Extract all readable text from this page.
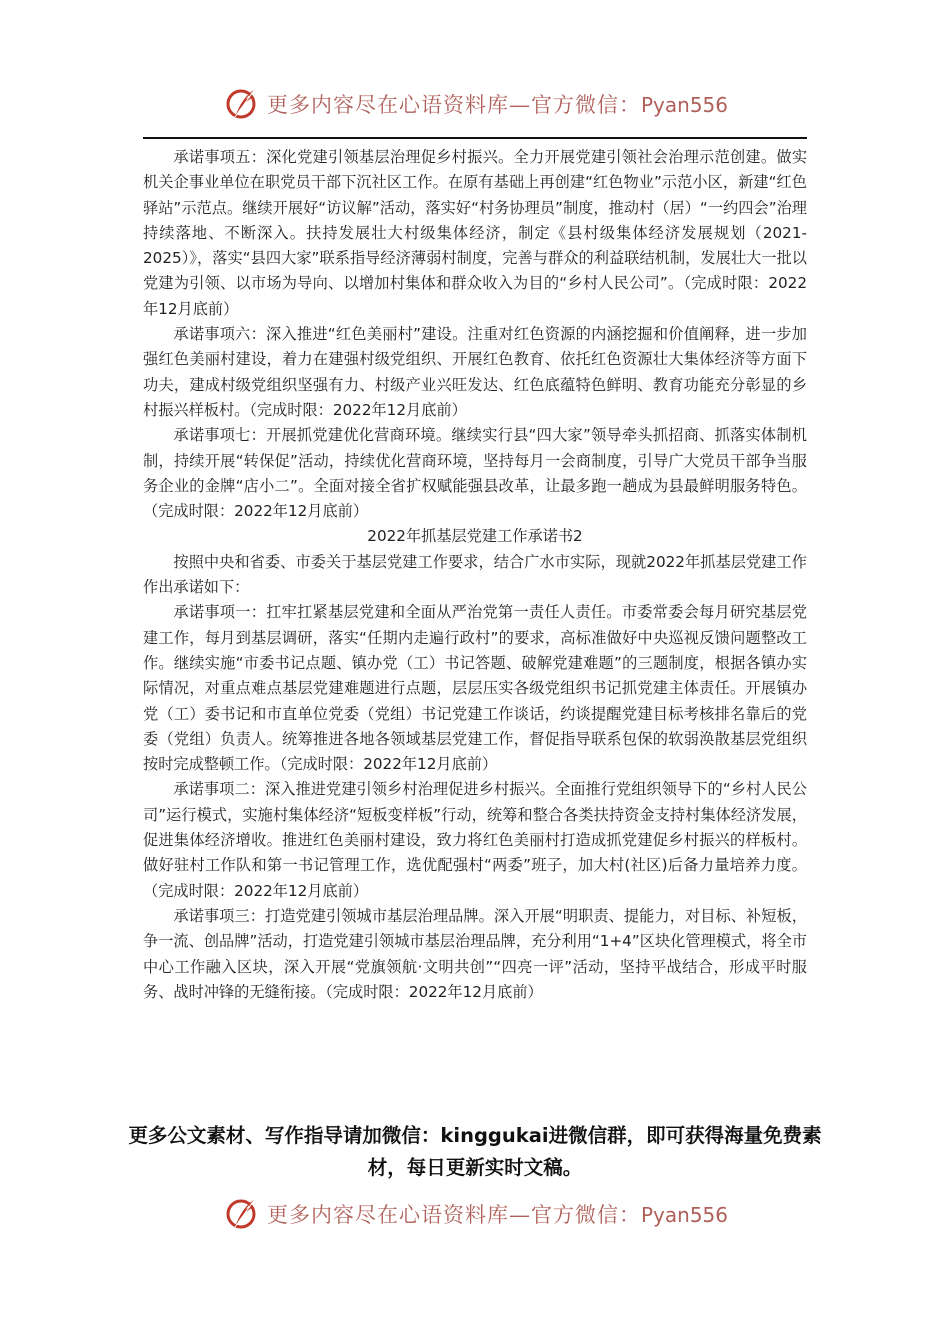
更多内容尽在心语资料库—官方微信：Pyan556

承诺事项五：深化党建引领基层治理促乡村振兴。全力开展党建引领社会治理示范创建。做实机关企事业单位在职党员干部下沉社区工作。在原有基础上再创建“红色物业”示范小区，新建“红色驿站”示范点。继续开展好“访议解”活动，落实好“村务协理员”制度，推动村（居）“一约四会”治理持续落地、不断深入。扶持发展壮大村级集体经济，制定《县村级集体经济发展规划（2021-2025）》，落实“县四大家”联系指导经济薄弱村制度，完善与群众的利益联结机制，发展壮大一批以党建为引领、以市场为导向、以增加村集体和群众收入为目的“乡村人民公司”。（完成时限：2022年12月底前）

承诺事项六：深入推进“红色美丽村”建设。注重对红色资源的内涵挖掘和价值阐释，进一步加强红色美丽村建设，着力在建强村级党组织、开展红色教育、依托红色资源壮大集体经济等方面下功夫，建成村级党组织坚强有力、村级产业兴旺发达、红色底蕴特色鲜明、教育功能充分彰显的乡村振兴样板村。（完成时限：2022年12月底前）

承诺事项七：开展抓党建优化营商环境。继续实行县“四大家”领导牵头抓招商、抓落实体制机制，持续开展“转保促”活动，持续优化营商环境，坚持每月一会商制度，引导广大党员干部争当服务企业的金牌“店小二”。全面对接全省扩权赋能强县改革，让最多跑一趟成为县最鲜明服务特色。（完成时限：2022年12月底前）

2022年抓基层党建工作承诺书2

按照中央和省委、市委关于基层党建工作要求，结合广水市实际，现就2022年抓基层党建工作作出承诺如下：

承诺事项一：扛牢扛紧基层党建和全面从严治党第一责任人责任。市委常委会每月研究基层党建工作，每月到基层调研，落实“任期内走遍行政村”的要求，高标准做好中央巡视反馈问题整改工作。继续实施“市委书记点题、镇办党（工）书记答题、破解党建难题”的三题制度，根据各镇办实际情况，对重点难点基层党建难题进行点题，层层压实各级党组织书记抓党建主体责任。开展镇办党（工）委书记和市直单位党委（党组）书记党建工作谈话，约谈提醒党建目标考核排名靠后的党委（党组）负责人。统筹推进各地各领域基层党建工作，督促指导联系包保的软弱涣散基层党组织按时完成整顿工作。（完成时限：2022年12月底前）

承诺事项二：深入推进党建引领乡村治理促进乡村振兴。全面推行党组织领导下的“乡村人民公司”运行模式，实施村集体经济“短板变样板”行动，统筹和整合各类扶持资金支持村集体经济发展，促进集体经济增收。推进红色美丽村建设，致力将红色美丽村打造成抓党建促乡村振兴的样板村。做好驻村工作队和第一书记管理工作，选优配强村“两委”班子，加大村(社区)后备力量培养力度。（完成时限：2022年12月底前）

承诺事项三：打造党建引领城市基层治理品牌。深入开展“明职责、提能力，对目标、补短板，争一流、创品牌”活动，打造党建引领城市基层治理品牌，充分利用“1+4”区块化管理模式，将全市中心工作融入区块，深入开展“党旗领航·文明共创”“四亮一评”活动，坚持平战结合，形成平时服务、战时冲锋的无缝衔接。（完成时限：2022年12月底前）

更多公文素材、写作指导请加微信：kinggukai进微信群，即可获得海量免费素材，每日更新实时文稿。
更多内容尽在心语资料库—官方微信：Pyan556
